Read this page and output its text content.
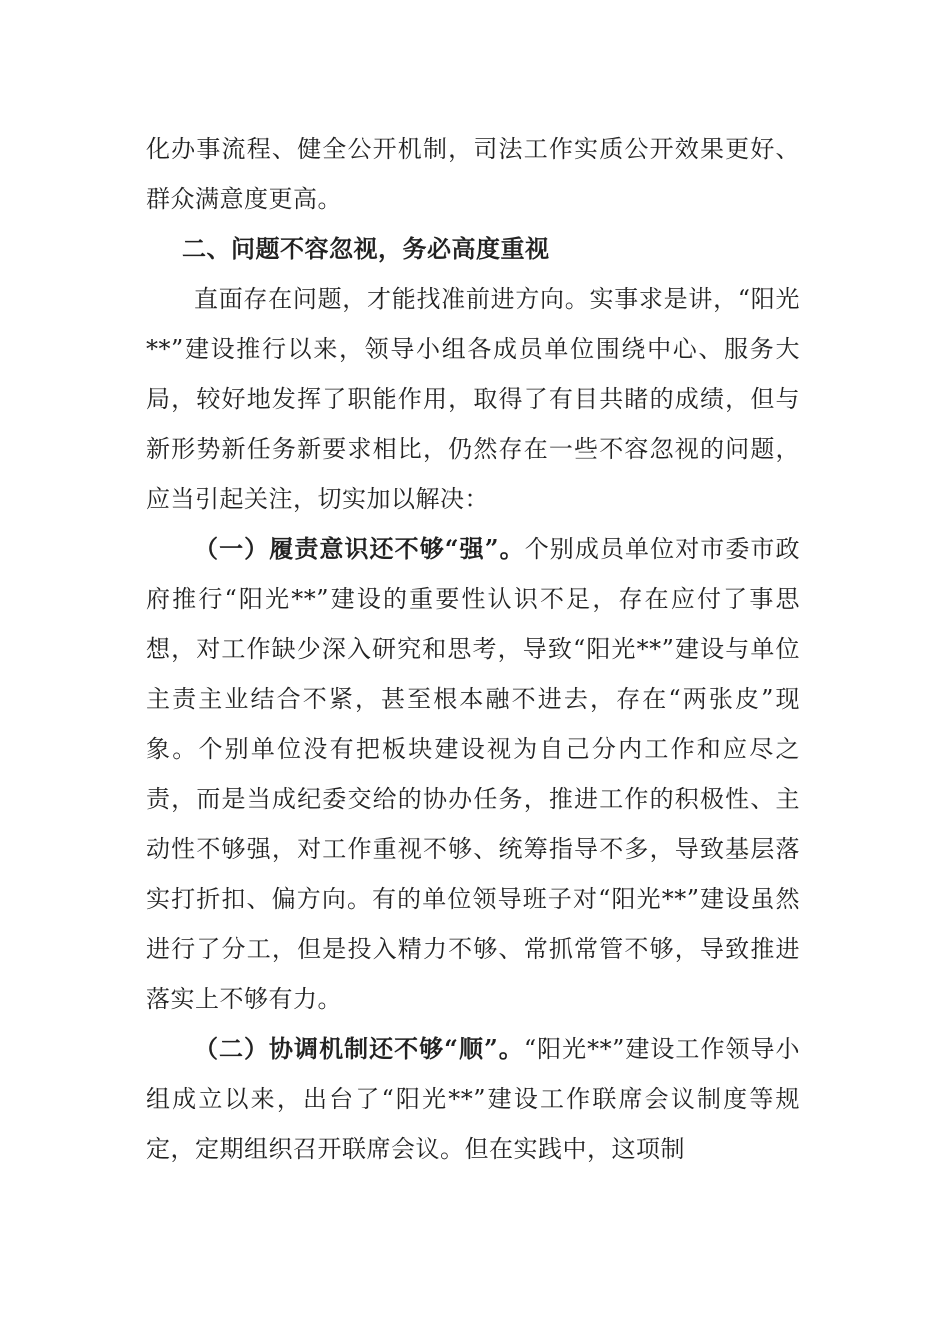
化办事流程、健全公开机制，司法工作实质公开效果更好、群众满意度更高。

二、问题不容忽视，务必高度重视

直面存在问题，才能找准前进方向。实事求是讲，“阳光**”建设推行以来，领导小组各成员单位围绕中心、服务大局，较好地发挥了职能作用，取得了有目共睹的成绩，但与新形势新任务新要求相比，仍然存在一些不容忽视的问题，应当引起关注，切实加以解决：

（一）履责意识还不够“强”。个别成员单位对市委市政府推行“阳光**”建设的重要性认识不足，存在应付了事思想，对工作缺少深入研究和思考，导致“阳光**”建设与单位主责主业结合不紧，甚至根本融不进去，存在“两张皮”现象。个别单位没有把板块建设视为自己分内工作和应尽之责，而是当成纪委交给的协办任务，推进工作的积极性、主动性不够强，对工作重视不够、统筹指导不多，导致基层落实打折扣、偏方向。有的单位领导班子对“阳光**”建设虽然进行了分工，但是投入精力不够、常抓常管不够，导致推进落实上不够有力。

（二）协调机制还不够“顺”。“阳光**”建设工作领导小组成立以来，出台了“阳光**”建设工作联席会议制度等规定，定期组织召开联席会议。但在实践中，这项制
